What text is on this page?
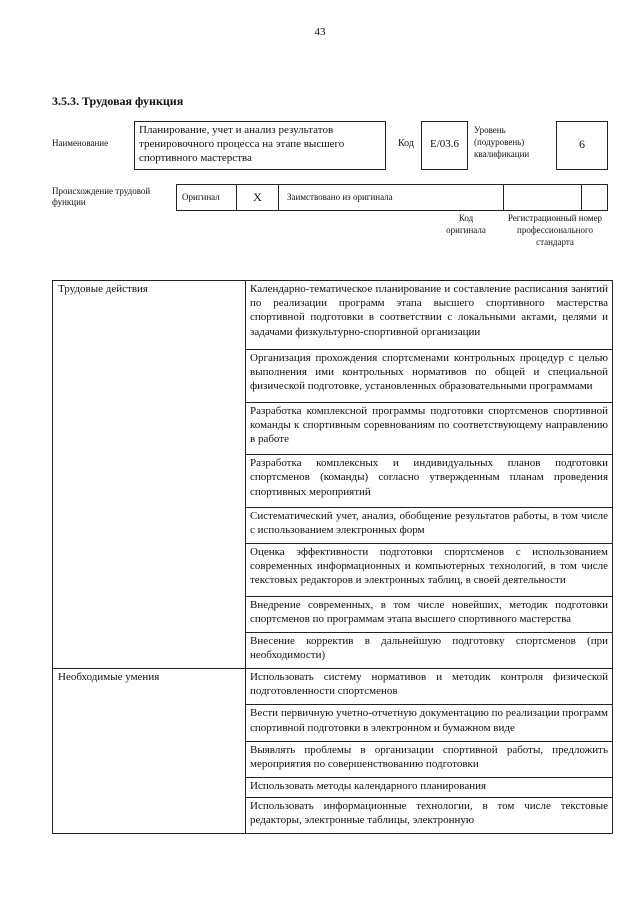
43
3.5.3. Трудовая функция
Наименование
Планирование, учет и анализ результатов тренировочного процесса на этапе высшего спортивного мастерства
Код	E/03.6
Уровень (подуровень) квалификации
6
Происхождение трудовой функции	Оригинал	X	Заимствовано из оригинала
Код оригинала
Регистрационный номер профессионального стандарта
Трудовые действия	Календарно-тематическое планирование и составление расписания занятий по реализации программ этапа высшего спортивного мастерства спортивной подготовки в соответствии с локальными актами, целями и задачами физкультурно-спортивной организации
	Организация прохождения спортсменами контрольных процедур с целью выполнения ими контрольных нормативов по общей и специальной физической подготовке, установленных образовательными программами
	Разработка комплексной программы подготовки спортсменов спортивной команды к спортивным соревнованиям по соответствующему направлению в работе
	Разработка комплексных и индивидуальных планов подготовки спортсменов (команды) согласно утвержденным планам проведения спортивных мероприятий
	Систематический учет, анализ, обобщение результатов работы, в том числе с использованием электронных форм
	Оценка эффективности подготовки спортсменов с использованием современных информационных и компьютерных технологий, в том числе текстовых редакторов и электронных таблиц, в своей деятельности
	Внедрение современных, в том числе новейших, методик подготовки спортсменов по программам этапа высшего спортивного мастерства
	Внесение корректив в дальнейшую подготовку спортсменов (при необходимости)
Необходимые умения	Использовать систему нормативов и методик контроля физической подготовленности спортсменов
	Вести первичную учетно-отчетную документацию по реализации программ спортивной подготовки в электронном и бумажном виде
	Выявлять проблемы в организации спортивной работы, предложить мероприятия по совершенствованию подготовки
	Использовать методы календарного планирования
	Использовать информационные технологии, в том числе текстовые редакторы, электронные таблицы, электронную
